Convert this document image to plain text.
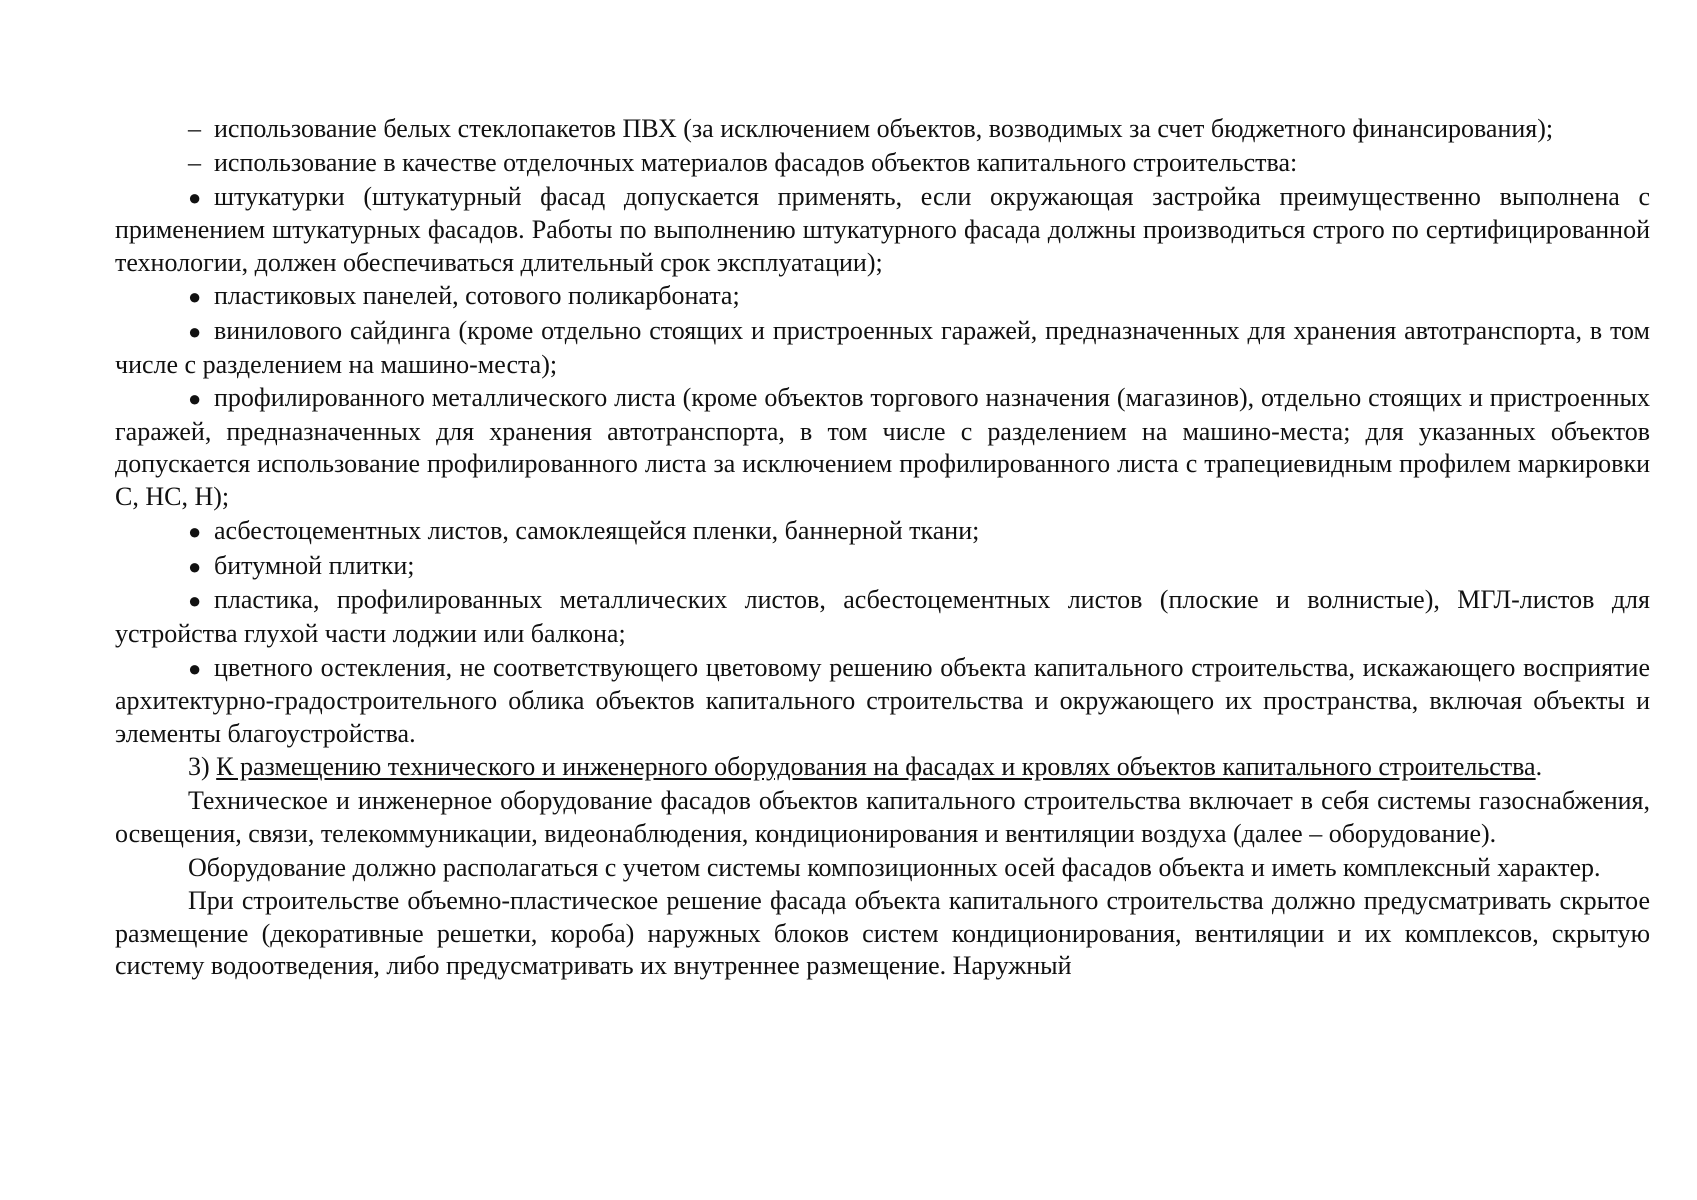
– использование белых стеклопакетов ПВХ (за исключением объектов, возводимых за счет бюджетного финансирования);

– использование в качестве отделочных материалов фасадов объектов капитального строительства:

● штукатурки (штукатурный фасад допускается применять, если окружающая застройка преимущественно выполнена с применением штукатурных фасадов. Работы по выполнению штукатурного фасада должны производиться строго по сертифицированной технологии, должен обеспечиваться длительный срок эксплуатации);

● пластиковых панелей, сотового поликарбоната;

● винилового сайдинга (кроме отдельно стоящих и пристроенных гаражей, предназначенных для хранения автотранспорта, в том числе с разделением на машино-места);

● профилированного металлического листа (кроме объектов торгового назначения (магазинов), отдельно стоящих и пристроенных гаражей, предназначенных для хранения автотранспорта, в том числе с разделением на машино-места; для указанных объектов допускается использование профилированного листа за исключением профилированного листа с трапециевидным профилем маркировки С, НС, Н);

● асбестоцементных листов, самоклеящейся пленки, баннерной ткани;

● битумной плитки;

● пластика, профилированных металлических листов, асбестоцементных листов (плоские и волнистые), МГЛ-листов для устройства глухой части лоджии или балкона;

● цветного остекления, не соответствующего цветовому решению объекта капитального строительства, искажающего восприятие архитектурно-градостроительного облика объектов капитального строительства и окружающего их пространства, включая объекты и элементы благоустройства.

3) К размещению технического и инженерного оборудования на фасадах и кровлях объектов капитального строительства.

Техническое и инженерное оборудование фасадов объектов капитального строительства включает в себя системы газоснабжения, освещения, связи, телекоммуникации, видеонаблюдения, кондиционирования и вентиляции воздуха (далее – оборудование).

Оборудование должно располагаться с учетом системы композиционных осей фасадов объекта и иметь комплексный характер.

При строительстве объемно-пластическое решение фасада объекта капитального строительства должно предусматривать скрытое размещение (декоративные решетки, короба) наружных блоков систем кондиционирования, вентиляции и их комплексов, скрытую систему водоотведения, либо предусматривать их внутреннее размещение. Наружный
